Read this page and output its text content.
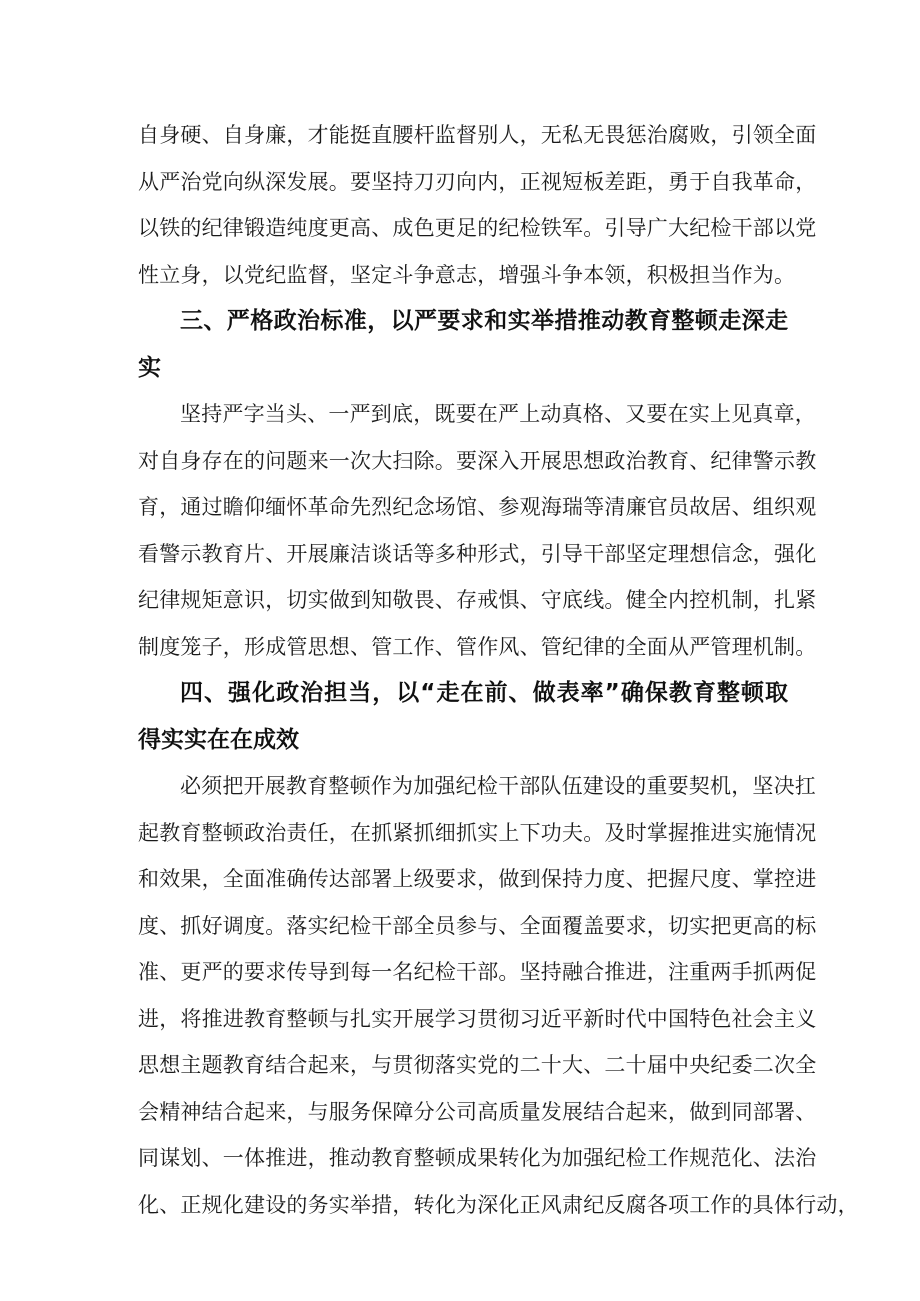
自身硬、自身廉，才能挺直腰杆监督别人，无私无畏惩治腐败，引领全面
从严治党向纵深发展。要坚持刀刃向内，正视短板差距，勇于自我革命，
以铁的纪律锻造纯度更高、成色更足的纪检铁军。引导广大纪检干部以党
性立身，以党纪监督，坚定斗争意志，增强斗争本领，积极担当作为。
三、严格政治标准，以严要求和实举措推动教育整顿走深走
实
坚持严字当头、一严到底，既要在严上动真格、又要在实上见真章，
对自身存在的问题来一次大扫除。要深入开展思想政治教育、纪律警示教
育，通过瞻仰缅怀革命先烈纪念场馆、参观海瑞等清廉官员故居、组织观
看警示教育片、开展廉洁谈话等多种形式，引导干部坚定理想信念，强化
纪律规矩意识，切实做到知敬畏、存戒惧、守底线。健全内控机制，扎紧
制度笼子，形成管思想、管工作、管作风、管纪律的全面从严管理机制。
四、强化政治担当，以“走在前、做表率”确保教育整顿取
得实实在在成效
必须把开展教育整顿作为加强纪检干部队伍建设的重要契机，坚决扛
起教育整顿政治责任，在抓紧抓细抓实上下功夫。及时掌握推进实施情况
和效果，全面准确传达部署上级要求，做到保持力度、把握尺度、掌控进
度、抓好调度。落实纪检干部全员参与、全面覆盖要求，切实把更高的标
准、更严的要求传导到每一名纪检干部。坚持融合推进，注重两手抓两促
进，将推进教育整顿与扎实开展学习贯彻习近平新时代中国特色社会主义
思想主题教育结合起来，与贯彻落实党的二十大、二十届中央纪委二次全
会精神结合起来，与服务保障分公司高质量发展结合起来，做到同部署、
同谋划、一体推进，推动教育整顿成果转化为加强纪检工作规范化、法治
化、正规化建设的务实举措，转化为深化正风肃纪反腐各项工作的具体行动，
